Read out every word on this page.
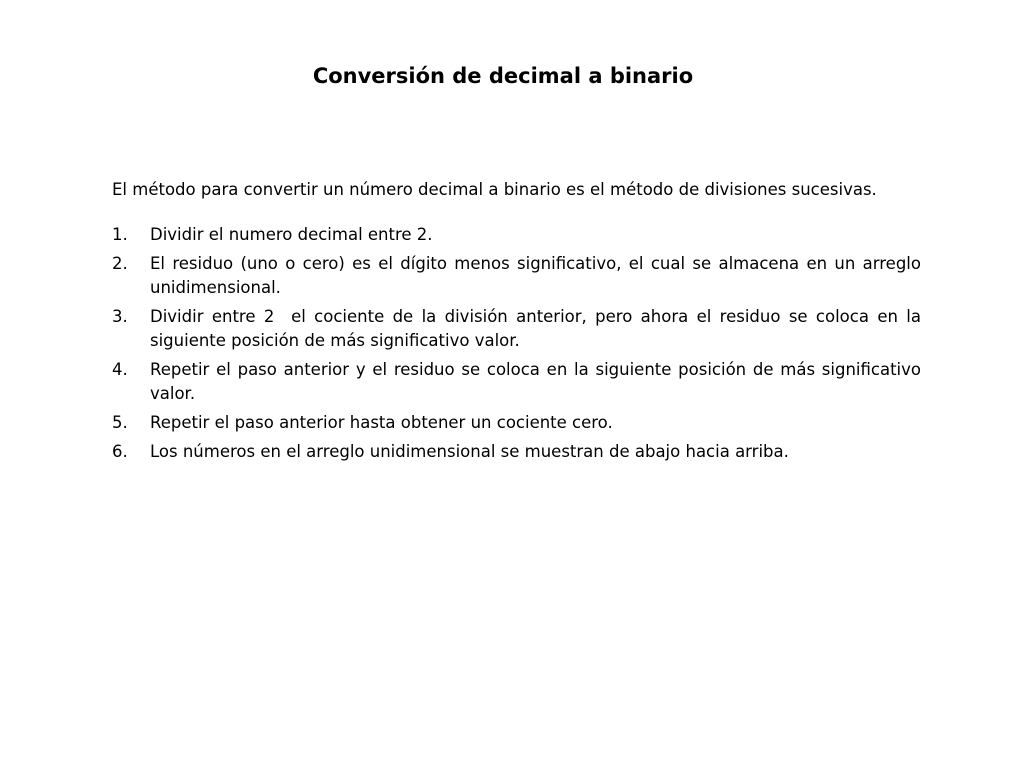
Conversión de decimal a binario

El método para convertir un número decimal a binario es el método de divisiones sucesivas.

1. Dividir el numero decimal entre 2.
2. El residuo (uno o cero) es el dígito menos significativo, el cual se almacena en un arreglo unidimensional.
3. Dividir entre 2  el cociente de la división anterior, pero ahora el residuo se coloca en la siguiente posición de más significativo valor.
4. Repetir el paso anterior y el residuo se coloca en la siguiente posición de más significativo valor.
5. Repetir el paso anterior hasta obtener un cociente cero.
6. Los números en el arreglo unidimensional se muestran de abajo hacia arriba.
